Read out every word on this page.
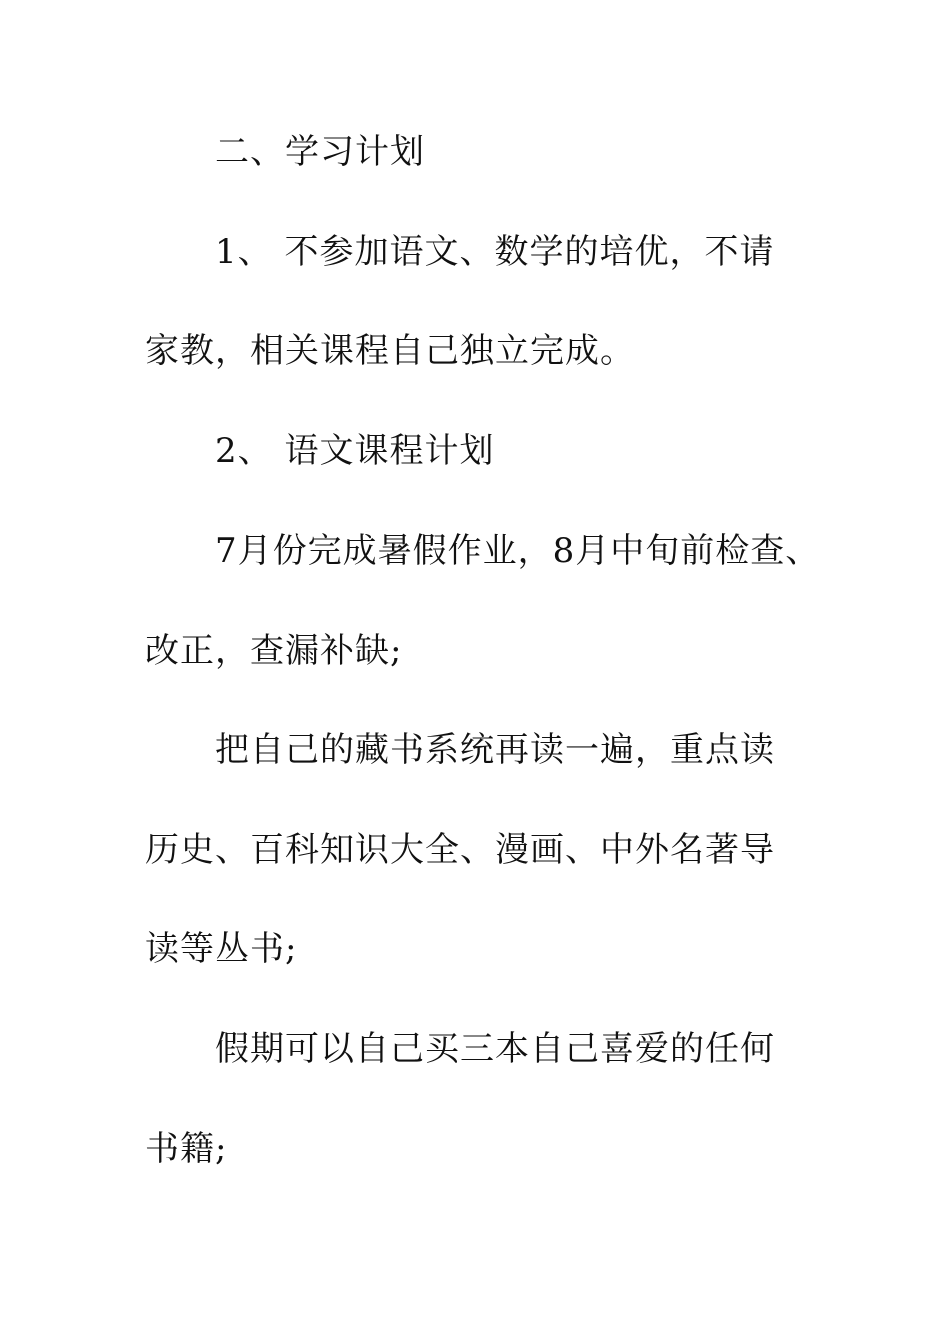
二、学习计划
1、 不参加语文、数学的培优，不请
家教，相关课程自己独立完成。
2、 语文课程计划
7月份完成暑假作业，8月中旬前检查、
改正，查漏补缺;
把自己的藏书系统再读一遍，重点读
历史、百科知识大全、漫画、中外名著导
读等丛书;
假期可以自己买三本自己喜爱的任何
书籍;
